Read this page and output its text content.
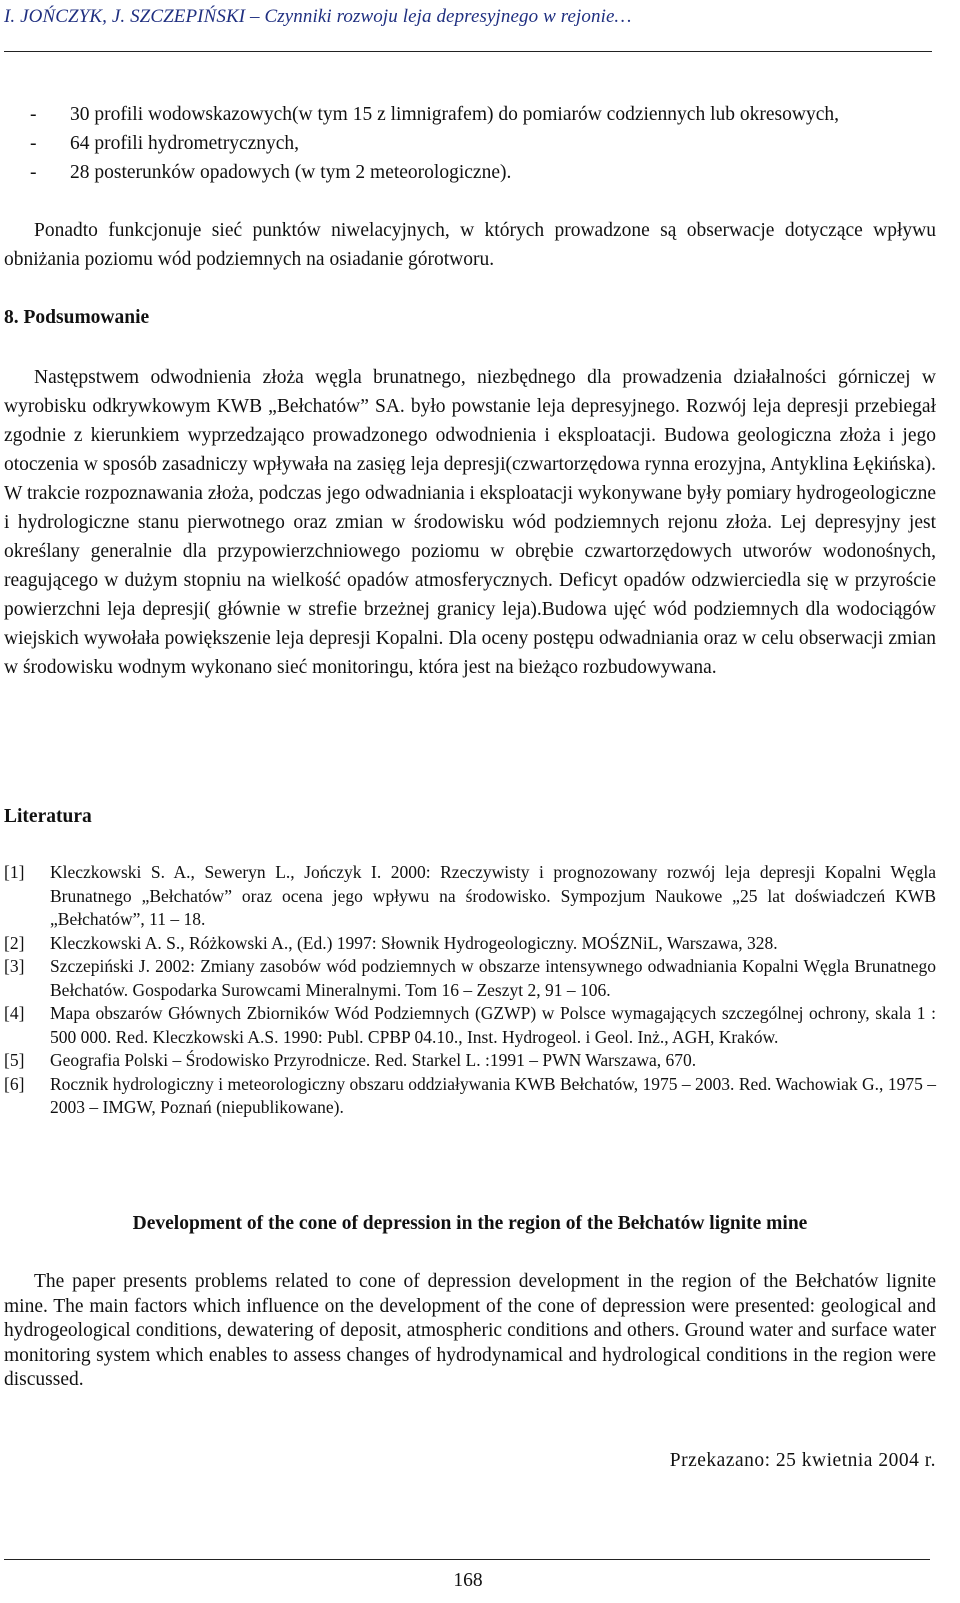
I. JOŃCZYK, J. SZCZEPIŃSKI – Czynniki rozwoju leja depresyjnego w rejonie…
- 30 profili wodowskazowych(w tym 15 z limnigrafem) do pomiarów codziennych lub okresowych,
- 64 profili hydrometrycznych,
- 28 posterunków opadowych (w tym 2 meteorologiczne).
Ponadto funkcjonuje sieć punktów niwelacyjnych, w których prowadzone są obserwacje dotyczące wpływu obniżania poziomu wód podziemnych na osiadanie górotworu.
8. Podsumowanie
Następstwem odwodnienia złoża węgla brunatnego, niezbędnego dla prowadzenia działalności górniczej w wyrobisku odkrywkowym KWB „Bełchatów” SA. było powstanie leja depresyjnego. Rozwój leja depresji przebiegał zgodnie z kierunkiem wyprzedzająco prowadzonego odwodnienia i eksploatacji. Budowa geologiczna złoża i jego otoczenia w sposób zasadniczy wpływała na zasięg leja depresji(czwartorzędowa rynna erozyjna, Antyklina Łękińska). W trakcie rozpoznawania złoża, podczas jego odwadniania i eksploatacji wykonywane były pomiary hydrogeologiczne i hydrologiczne stanu pierwotnego oraz zmian w środowisku wód podziemnych rejonu złoża. Lej depresyjny jest określany generalnie dla przypowierzchniowego poziomu w obrębie czwartorzędowych utworów wodonośnych, reagującego w dużym stopniu na wielkość opadów atmosferycznych. Deficyt opadów odzwierciedla się w przyroście powierzchni leja depresji( głównie w strefie brzeżnej granicy leja).Budowa ujęć wód podziemnych dla wodociągów wiejskich wywołała powiększenie leja depresji Kopalni. Dla oceny postępu odwadniania oraz w celu obserwacji zmian w środowisku wodnym wykonano sieć monitoringu, która jest na bieżąco rozbudowywana.
Literatura
[1] Kleczkowski S. A., Seweryn L., Jończyk I. 2000: Rzeczywisty i prognozowany rozwój leja depresji Kopalni Węgla Brunatnego „Bełchatów” oraz ocena jego wpływu na środowisko. Sympozjum Naukowe „25 lat doświadczeń KWB „Bełchatów”, 11 – 18.
[2] Kleczkowski A. S., Różkowski A., (Ed.) 1997: Słownik Hydrogeologiczny. MOŚZNiL, Warszawa, 328.
[3] Szczepiński J. 2002: Zmiany zasobów wód podziemnych w obszarze intensywnego odwadniania Kopalni Węgla Brunatnego Bełchatów. Gospodarka Surowcami Mineralnymi. Tom 16 – Zeszyt 2, 91 – 106.
[4] Mapa obszarów Głównych Zbiorników Wód Podziemnych (GZWP) w Polsce wymagających szczególnej ochrony, skala 1 : 500 000. Red. Kleczkowski A.S. 1990: Publ. CPBP 04.10., Inst. Hydrogeol. i Geol. Inż., AGH, Kraków.
[5] Geografia Polski – Środowisko Przyrodnicze. Red. Starkel L. :1991 – PWN Warszawa, 670.
[6] Rocznik hydrologiczny i meteorologiczny obszaru oddziaływania KWB Bełchatów, 1975 – 2003. Red. Wachowiak G., 1975 – 2003 – IMGW, Poznań (niepublikowane).
Development of the cone of depression in the region of the Bełchatów lignite mine
The paper presents problems related to cone of depression development in the region of the Bełchatów lignite mine. The main factors which influence on the development of the cone of depression were presented: geological and hydrogeological conditions, dewatering of deposit, atmospheric conditions and others. Ground water and surface water monitoring system which enables to assess changes of hydrodynamical and hydrological conditions in the region were discussed.
Przekazano: 25 kwietnia 2004 r.
168
